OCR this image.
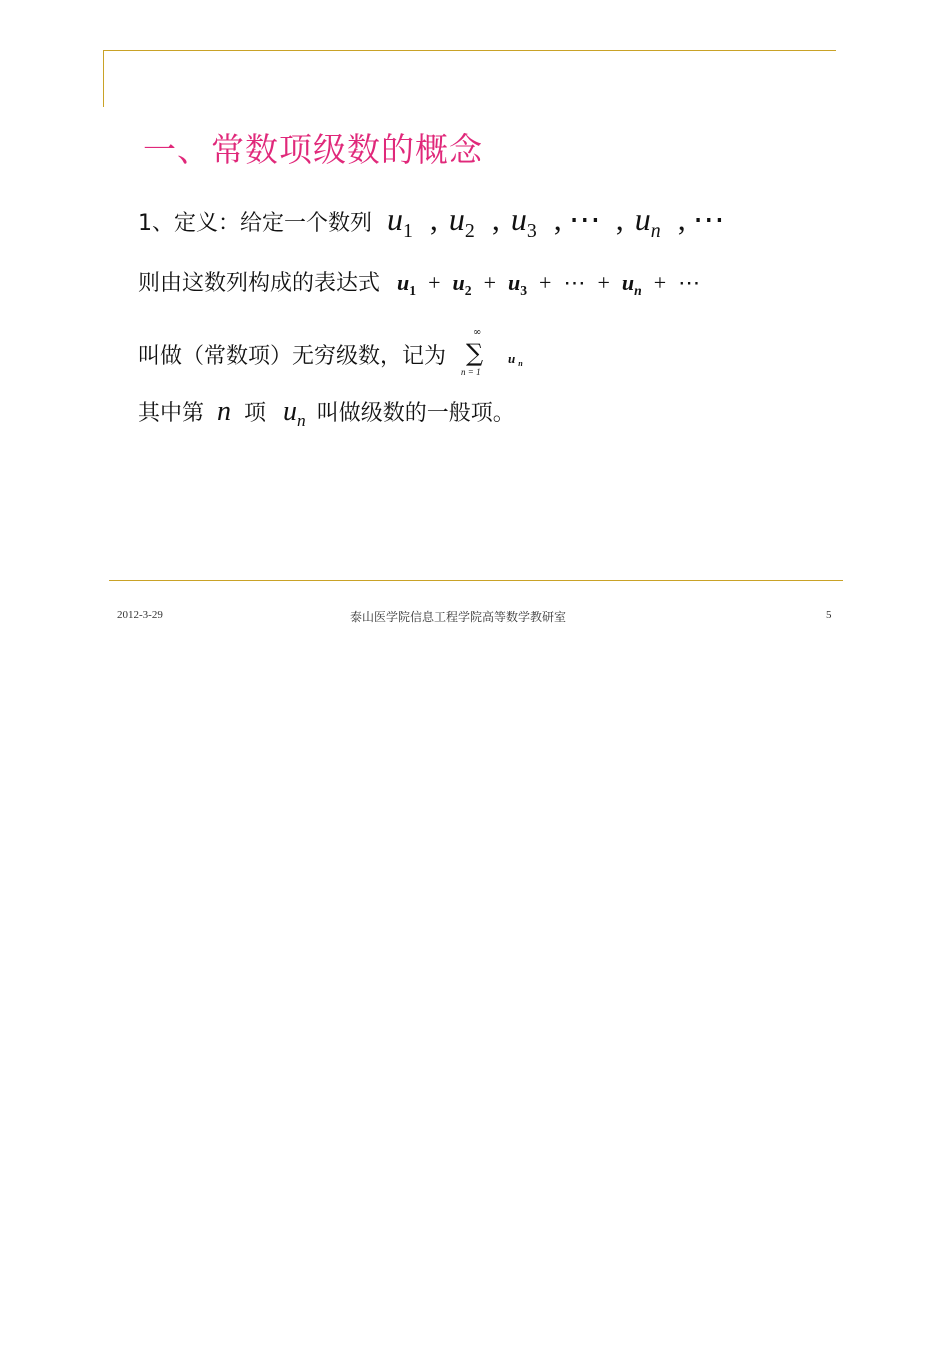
一、常数项级数的概念
1、定义：给定一个数列 $u_1$ , $u_2$ , $u_3$ , ⋯ , $u_n$ , ⋯
则由这数列构成的表达式 $u_1 + u_2 + u_3$ + ⋯ + $u_n$ + ⋯
叫做（常数项）无穷级数，记为
∞
∑
n = 1
u $_n$
其中第 n 项 $u_n$ 叫做级数的一般项。
2012-3-29	泰山医学院信息工程学院高等数学教研室	5
